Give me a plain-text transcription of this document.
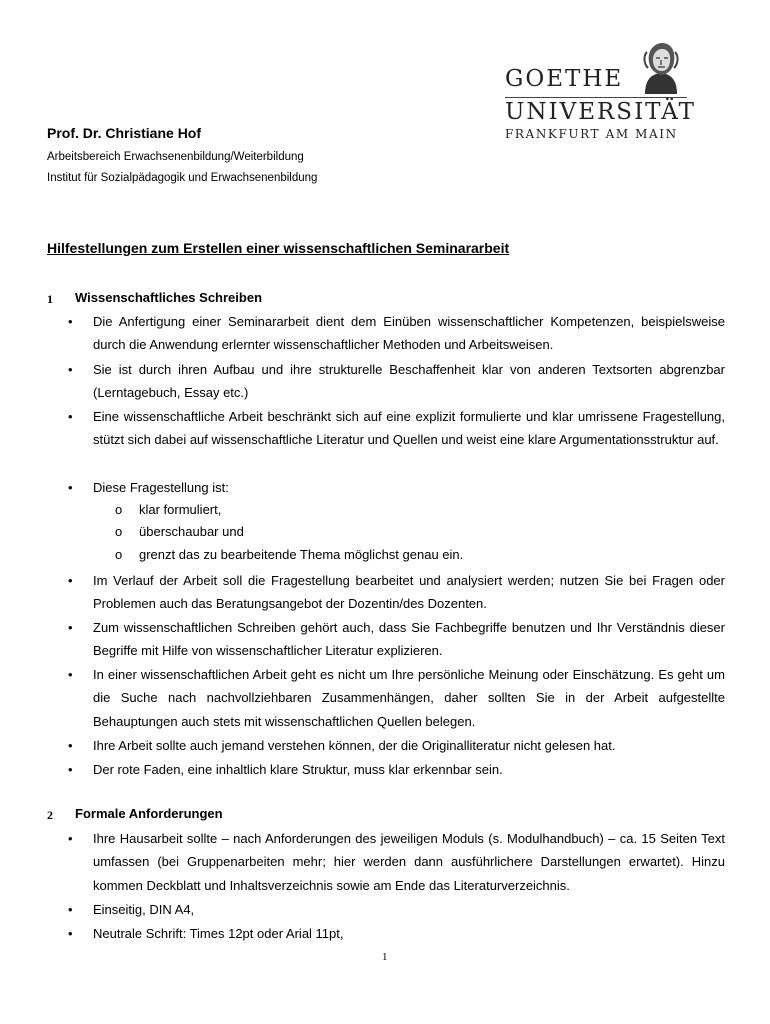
GOETHE
UNIVERSITÄT
FRANKFURT AM MAIN
Prof. Dr. Christiane Hof
Arbeitsbereich Erwachsenenbildung/Weiterbildung
Institut für Sozialpädagogik und Erwachsenenbildung
Hilfestellungen zum Erstellen einer wissenschaftlichen Seminararbeit
1 Wissenschaftliches Schreiben
• Die Anfertigung einer Seminararbeit dient dem Einüben wissenschaftlicher Kompetenzen, beispielsweise durch die Anwendung erlernter wissenschaftlicher Methoden und Arbeitsweisen.
• Sie ist durch ihren Aufbau und ihre strukturelle Beschaffenheit klar von anderen Textsorten abgrenzbar (Lerntagebuch, Essay etc.)
• Eine wissenschaftliche Arbeit beschränkt sich auf eine explizit formulierte und klar umrissene Fragestellung, stützt sich dabei auf wissenschaftliche Literatur und Quellen und weist eine klare Argumentationsstruktur auf.
• Diese Fragestellung ist:
o klar formuliert,
o überschaubar und
o grenzt das zu bearbeitende Thema möglichst genau ein.
• Im Verlauf der Arbeit soll die Fragestellung bearbeitet und analysiert werden; nutzen Sie bei Fragen oder Problemen auch das Beratungsangebot der Dozentin/des Dozenten.
• Zum wissenschaftlichen Schreiben gehört auch, dass Sie Fachbegriffe benutzen und Ihr Verständnis dieser Begriffe mit Hilfe von wissenschaftlicher Literatur explizieren.
• In einer wissenschaftlichen Arbeit geht es nicht um Ihre persönliche Meinung oder Einschätzung. Es geht um die Suche nach nachvollziehbaren Zusammenhängen, daher sollten Sie in der Arbeit aufgestellte Behauptungen auch stets mit wissenschaftlichen Quellen belegen.
• Ihre Arbeit sollte auch jemand verstehen können, der die Originalliteratur nicht gelesen hat.
• Der rote Faden, eine inhaltlich klare Struktur, muss klar erkennbar sein.
2 Formale Anforderungen
• Ihre Hausarbeit sollte – nach Anforderungen des jeweiligen Moduls (s. Modulhandbuch) – ca. 15 Seiten Text umfassen (bei Gruppenarbeiten mehr; hier werden dann ausführlichere Darstellungen erwartet). Hinzu kommen Deckblatt und Inhaltsverzeichnis sowie am Ende das Literaturverzeichnis.
• Einseitig, DIN A4,
• Neutrale Schrift: Times 12pt oder Arial 11pt,
1
